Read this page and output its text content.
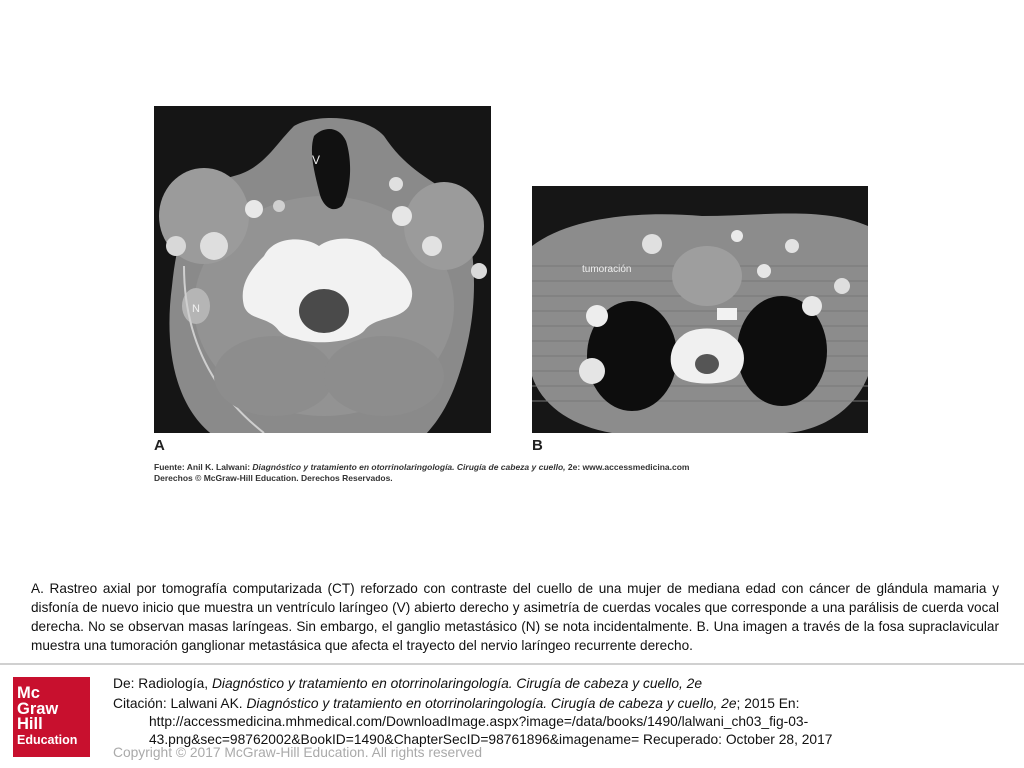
V
N
tumoración
A	B
Fuente: Anil K. Lalwani: Diagnóstico y tratamiento en otorrinolaringología. Cirugía de cabeza y cuello, 2e: www.accessmedicina.com
Derechos © McGraw-Hill Education. Derechos Reservados.
A. Rastreo axial por tomografía computarizada (CT) reforzado con contraste del cuello de una mujer de mediana edad con cáncer de glándula mamaria y disfonía de nuevo inicio que muestra un ventrículo laríngeo (V) abierto derecho y asimetría de cuerdas vocales que corresponde a una parálisis de cuerda vocal derecha. No se observan masas laríngeas. Sin embargo, el ganglio metastásico (N) se nota incidentalmente. B. Una imagen a través de la fosa supraclavicular muestra una tumoración ganglionar metastásica que afecta el trayecto del nervio laríngeo recurrente derecho.
Mc
Graw
Hill
Education
De: Radiología, Diagnóstico y tratamiento en otorrinolaringología. Cirugía de cabeza y cuello, 2e
Citación: Lalwani AK. Diagnóstico y tratamiento en otorrinolaringología. Cirugía de cabeza y cuello, 2e; 2015 En:
http://accessmedicina.mhmedical.com/DownloadImage.aspx?image=/data/books/1490/lalwani_ch03_fig-03-43.png&sec=98762002&BookID=1490&ChapterSecID=98761896&imagename= Recuperado: October 28, 2017
Copyright © 2017 McGraw-Hill Education. All rights reserved
